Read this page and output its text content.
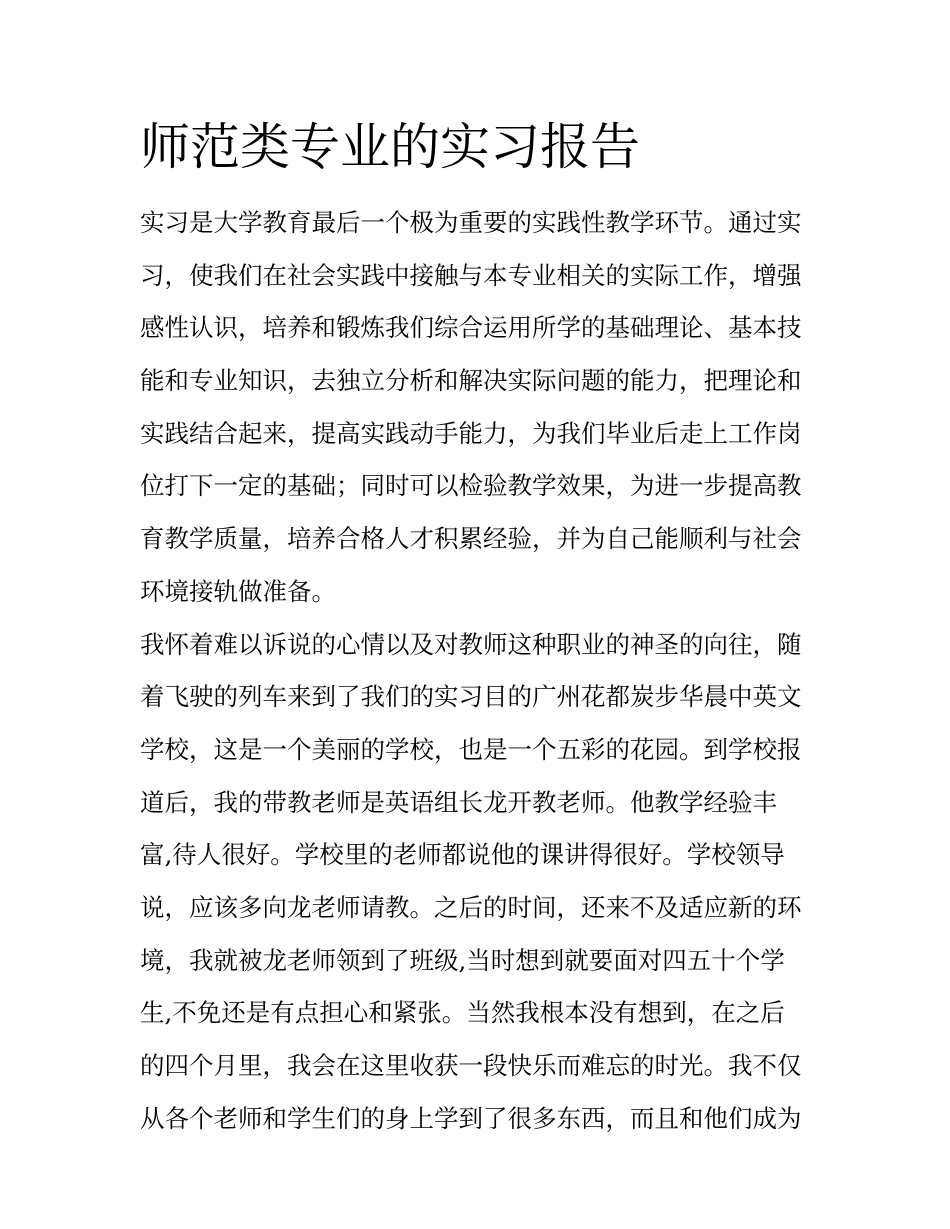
师范类专业的实习报告
实习是大学教育最后一个极为重要的实践性教学环节。通过实
习，使我们在社会实践中接触与本专业相关的实际工作，增强
感性认识，培养和锻炼我们综合运用所学的基础理论、基本技
能和专业知识，去独立分析和解决实际问题的能力，把理论和
实践结合起来，提高实践动手能力，为我们毕业后走上工作岗
位打下一定的基础；同时可以检验教学效果，为进一步提高教
育教学质量，培养合格人才积累经验，并为自己能顺利与社会
环境接轨做准备。
我怀着难以诉说的心情以及对教师这种职业的神圣的向往，随
着飞驶的列车来到了我们的实习目的广州花都炭步华晨中英文
学校，这是一个美丽的学校，也是一个五彩的花园。到学校报
道后，我的带教老师是英语组长龙开教老师。他教学经验丰
富,待人很好。学校里的老师都说他的课讲得很好。学校领导
说，应该多向龙老师请教。之后的时间，还来不及适应新的环
境，我就被龙老师领到了班级,当时想到就要面对四五十个学
生,不免还是有点担心和紧张。当然我根本没有想到，在之后
的四个月里，我会在这里收获一段快乐而难忘的时光。我不仅
从各个老师和学生们的身上学到了很多东西，而且和他们成为
